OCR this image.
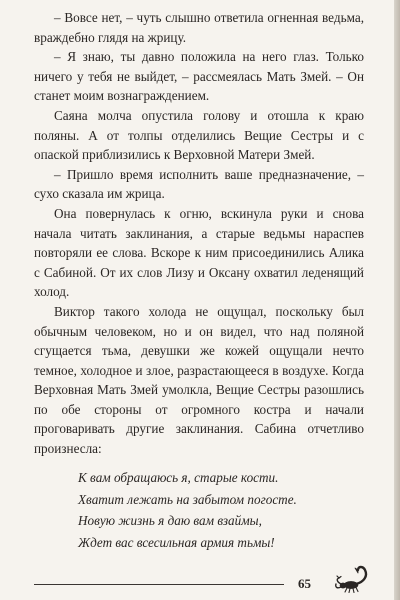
– Вовсе нет, – чуть слышно ответила огненная ведьма, враждебно глядя на жрицу.

– Я знаю, ты давно положила на него глаз. Только ничего у тебя не выйдет, – рассмеялась Мать Змей. – Он станет моим вознаграждением.

Саяна молча опустила голову и отошла к краю поляны. А от толпы отделились Вещие Сестры и с опаской приблизились к Верховной Матери Змей.

– Пришло время исполнить ваше предназначение, – сухо сказала им жрица.

Она повернулась к огню, вскинула руки и снова начала читать заклинания, а старые ведьмы нараспев повторяли ее слова. Вскоре к ним присоединились Алика с Сабиной. От их слов Лизу и Оксану охватил леденящий холод.

Виктор такого холода не ощущал, поскольку был обычным человеком, но и он видел, что над поляной сгущается тьма, девушки же кожей ощущали нечто темное, холодное и злое, разрастающееся в воздухе. Когда Верховная Мать Змей умолкла, Вещие Сестры разошлись по обе стороны от огромного костра и начали проговаривать другие заклинания. Сабина отчетливо произнесла:

К вам обращаюсь я, старые кости.
Хватит лежать на забытом погосте.
Новую жизнь я даю вам взаймы,
Ждет вас всесильная армия тьмы!
65
